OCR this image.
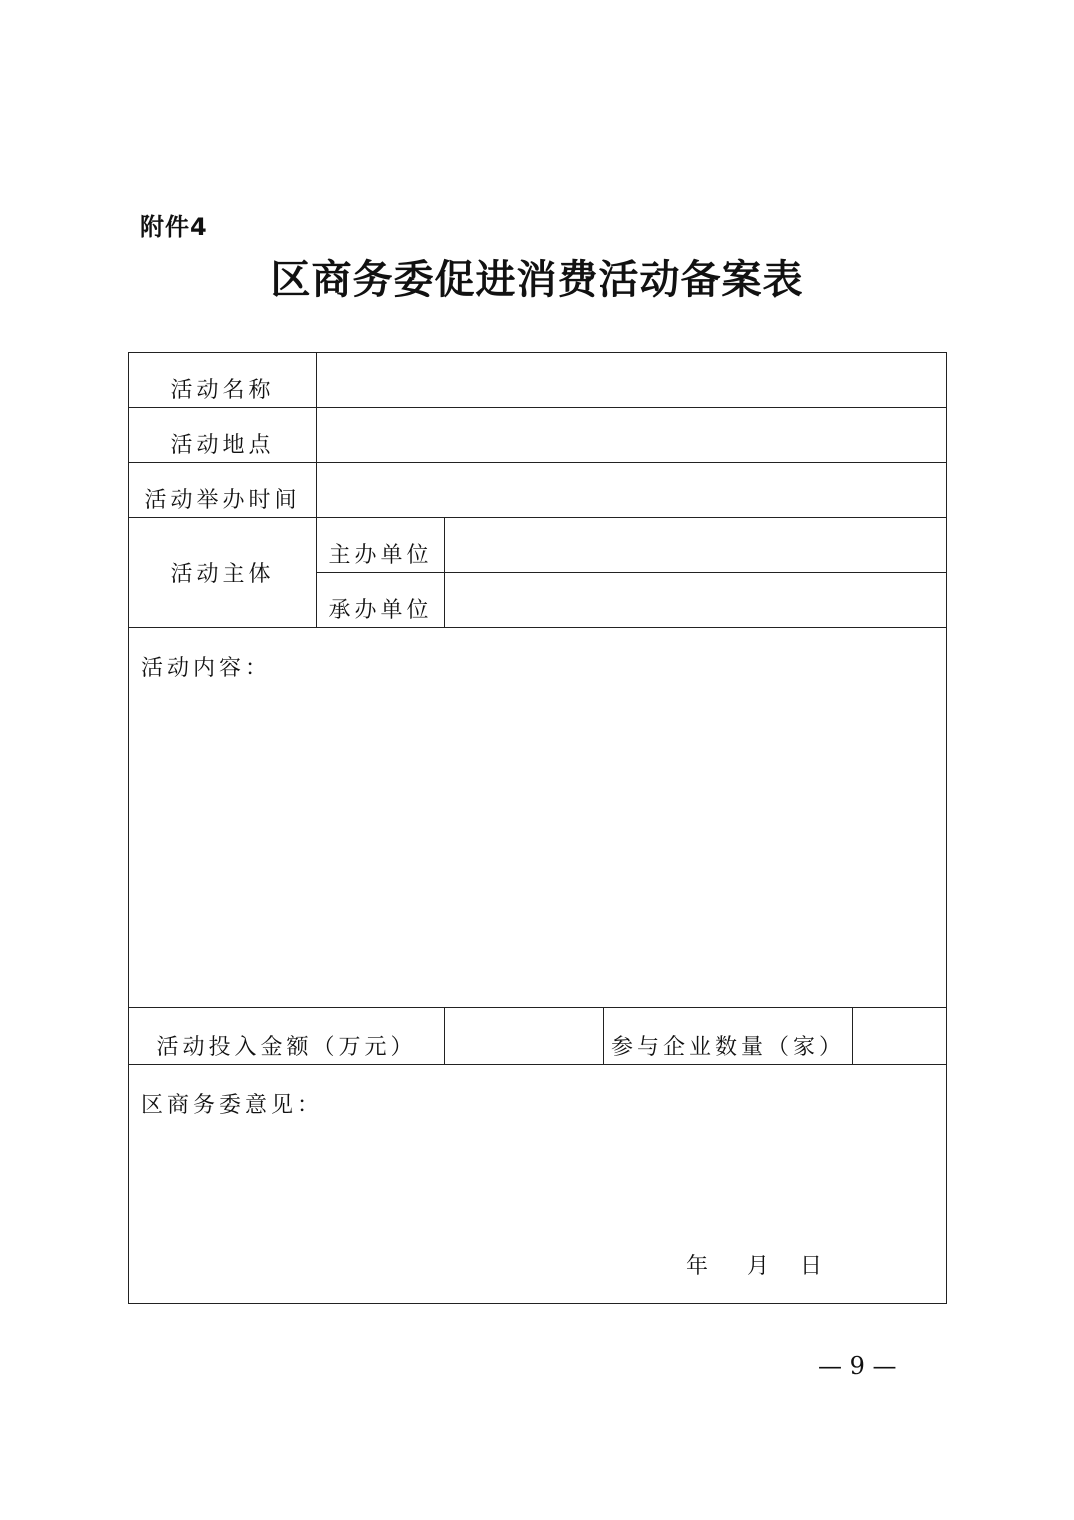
附件4
区商务委促进消费活动备案表
活动名称
活动地点
活动举办时间
活动主体
主办单位
承办单位
活动内容：
活动投入金额（万元）	参与企业数量（家）
区商务委意见：
年 月 日
— 9 —
